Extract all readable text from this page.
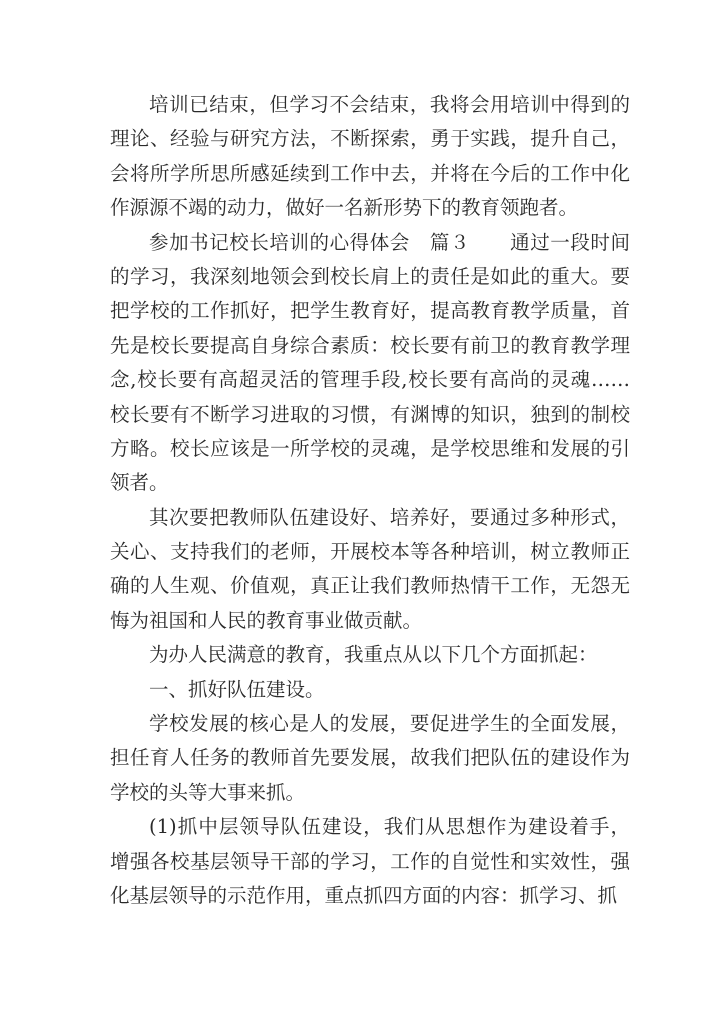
培训已结束，但学习不会结束，我将会用培训中得到的
理论、经验与研究方法，不断探索，勇于实践，提升自己，
会将所学所思所感延续到工作中去，并将在今后的工作中化
作源源不竭的动力，做好一名新形势下的教育领跑者。
参加书记校长培训的心得体会　篇３　　通过一段时间
的学习，我深刻地领会到校长肩上的责任是如此的重大。要
把学校的工作抓好，把学生教育好，提高教育教学质量，首
先是校长要提高自身综合素质：校长要有前卫的教育教学理
念,校长要有高超灵活的管理手段,校长要有高尚的灵魂……
校长要有不断学习进取的习惯，有渊博的知识，独到的制校
方略。校长应该是一所学校的灵魂，是学校思维和发展的引
领者。
其次要把教师队伍建设好、培养好，要通过多种形式，
关心、支持我们的老师，开展校本等各种培训，树立教师正
确的人生观、价值观，真正让我们教师热情干工作，无怨无
悔为祖国和人民的教育事业做贡献。
为办人民满意的教育，我重点从以下几个方面抓起：
一、抓好队伍建设。
学校发展的核心是人的发展，要促进学生的全面发展，
担任育人任务的教师首先要发展，故我们把队伍的建设作为
学校的头等大事来抓。
(1)抓中层领导队伍建设，我们从思想作为建设着手，
增强各校基层领导干部的学习，工作的自觉性和实效性，强
化基层领导的示范作用，重点抓四方面的内容：抓学习、抓
